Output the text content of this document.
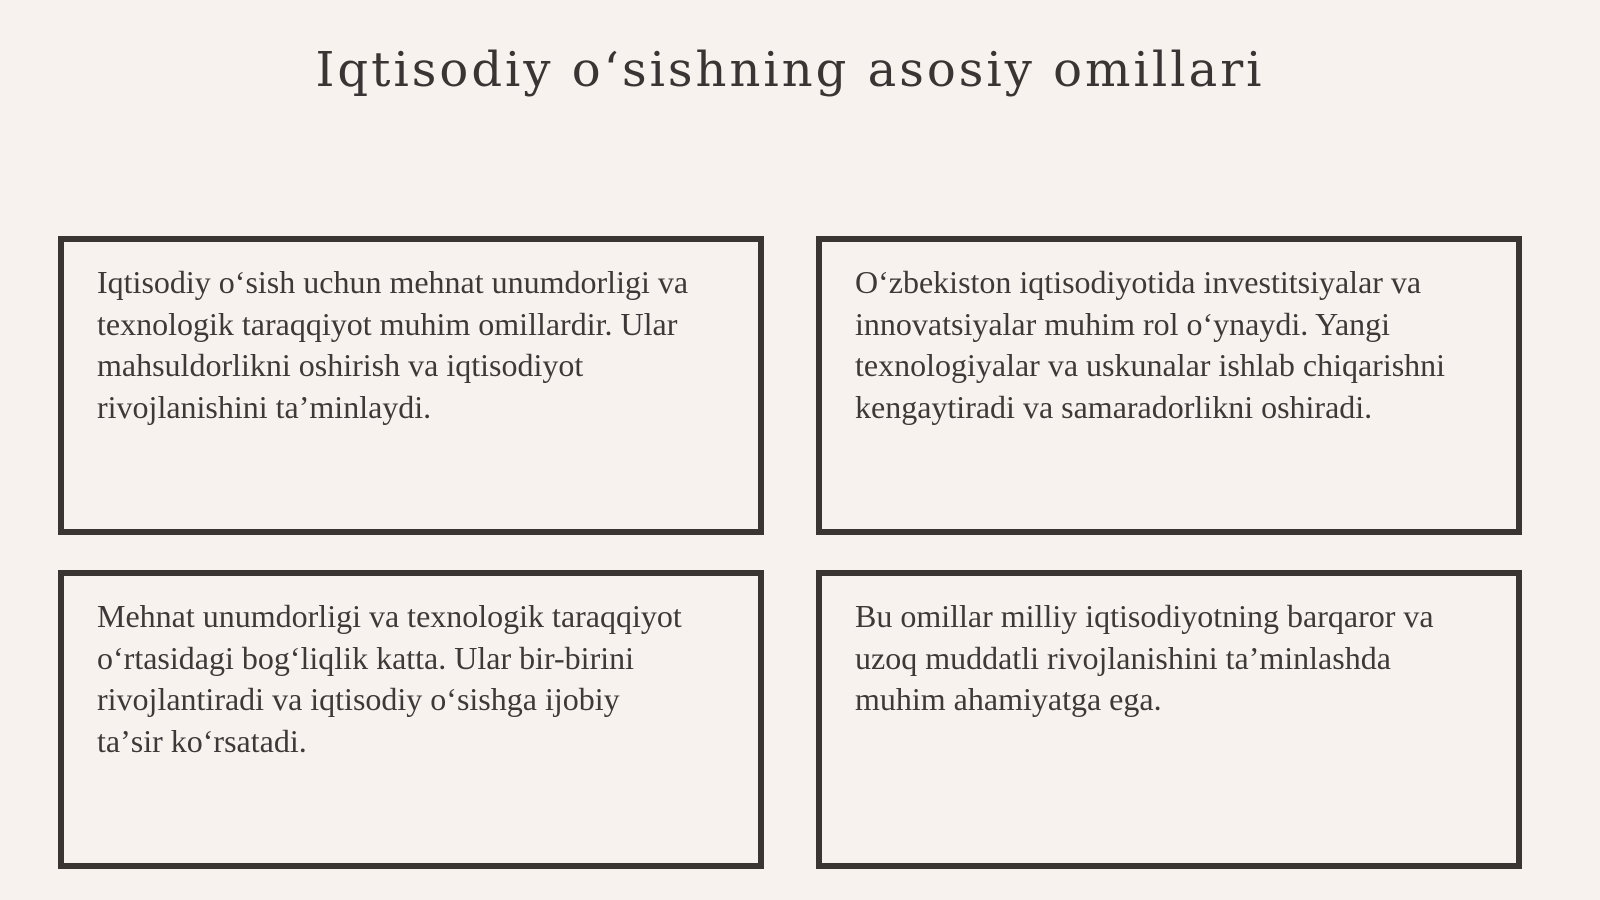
Iqtisodiy oʻsishning asosiy omillari

Iqtisodiy oʻsish uchun mehnat unumdorligi va
texnologik taraqqiyot muhim omillardir. Ular
mahsuldorlikni oshirish va iqtisodiyot
rivojlanishini taʼminlaydi.

Oʻzbekiston iqtisodiyotida investitsiyalar va
innovatsiyalar muhim rol oʻynaydi. Yangi
texnologiyalar va uskunalar ishlab chiqarishni
kengaytiradi va samaradorlikni oshiradi.

Mehnat unumdorligi va texnologik taraqqiyot
oʻrtasidagi bogʻliqlik katta. Ular bir-birini
rivojlantiradi va iqtisodiy oʻsishga ijobiy
taʼsir koʻrsatadi.

Bu omillar milliy iqtisodiyotning barqaror va
uzoq muddatli rivojlanishini taʼminlashda
muhim ahamiyatga ega.
